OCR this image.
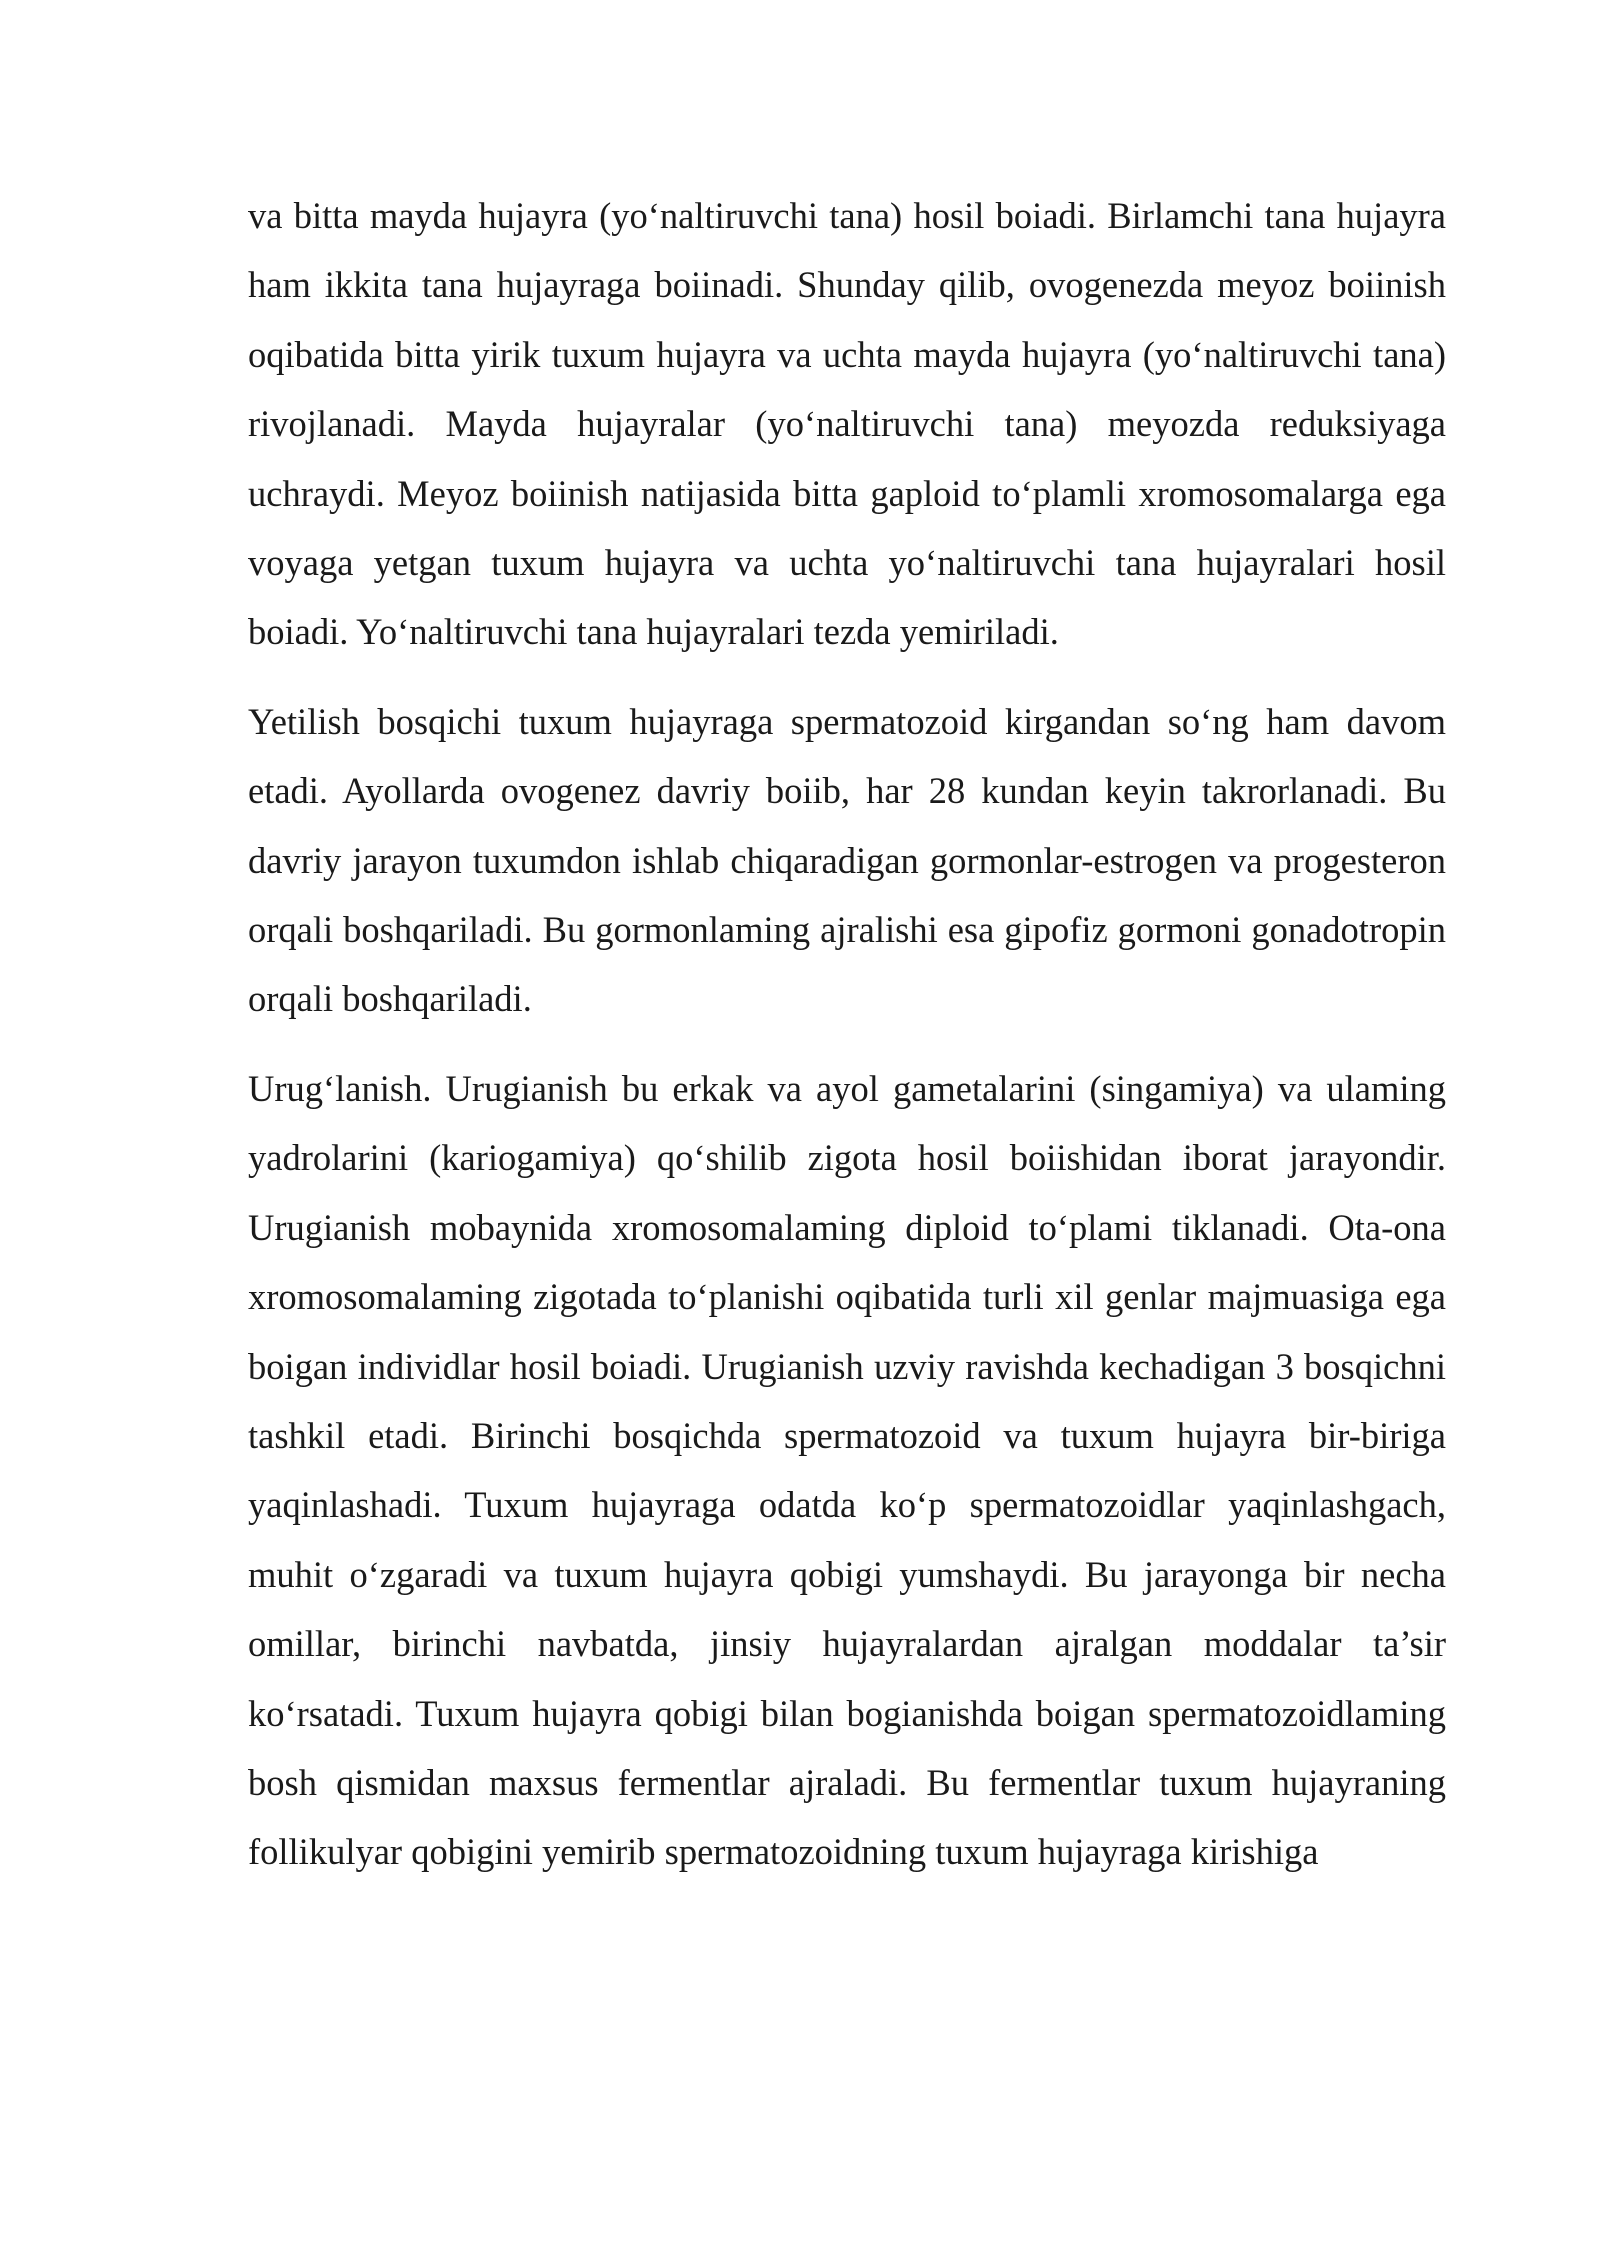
va bitta mayda hujayra (yo‘naltiruvchi tana) hosil boiadi. Birlamchi tana hujayra ham ikkita tana hujayraga boiinadi. Shunday qilib, ovogenezda meyoz boiinish oqibatida bitta yirik tuxum hujayra va uchta mayda hujayra (yo‘naltiruvchi tana) rivojlanadi. Mayda hujayralar (yo‘naltiruvchi tana) meyozda reduksiyaga uchraydi. Meyoz boiinish natijasida bitta gaploid to‘plamli xromosomalarga ega voyaga yetgan tuxum hujayra va uchta yo‘naltiruvchi tana hujayralari hosil boiadi. Yo‘naltiruvchi tana hujayralari tezda yemiriladi.

Yetilish bosqichi tuxum hujayraga spermatozoid kirgandan so‘ng ham davom etadi. Ayollarda ovogenez davriy boiib, har 28 kundan keyin takrorlanadi. Bu davriy jarayon tuxumdon ishlab chiqaradigan gormonlar-estrogen va progesteron orqali boshqariladi. Bu gormonlaming ajralishi esa gipofiz gormoni gonadotropin orqali boshqariladi.

Urug‘lanish. Urugianish bu erkak va ayol gametalarini (singamiya) va ulaming yadrolarini (kariogamiya) qo‘shilib zigota hosil boiishidan iborat jarayondir. Urugianish mobaynida xromosomalaming diploid to‘plami tiklanadi. Ota-ona xromosomalaming zigotada to‘planishi oqibatida turli xil genlar majmuasiga ega boigan individlar hosil boiadi. Urugianish uzviy ravishda kechadigan 3 bosqichni tashkil etadi. Birinchi bosqichda spermatozoid va tuxum hujayra bir-biriga yaqinlashadi. Tuxum hujayraga odatda ko‘p spermatozoidlar yaqinlashgach, muhit o‘zgaradi va tuxum hujayra qobigi yumshaydi. Bu jarayonga bir necha omillar, birinchi navbatda, jinsiy hujayralardan ajralgan moddalar ta’sir ko‘rsatadi. Tuxum hujayra qobigi bilan bogianishda boigan spermatozoidlaming bosh qismidan maxsus fermentlar ajraladi. Bu fermentlar tuxum hujayraning follikulyar qobigini yemirib spermatozoidning tuxum hujayraga kirishiga
